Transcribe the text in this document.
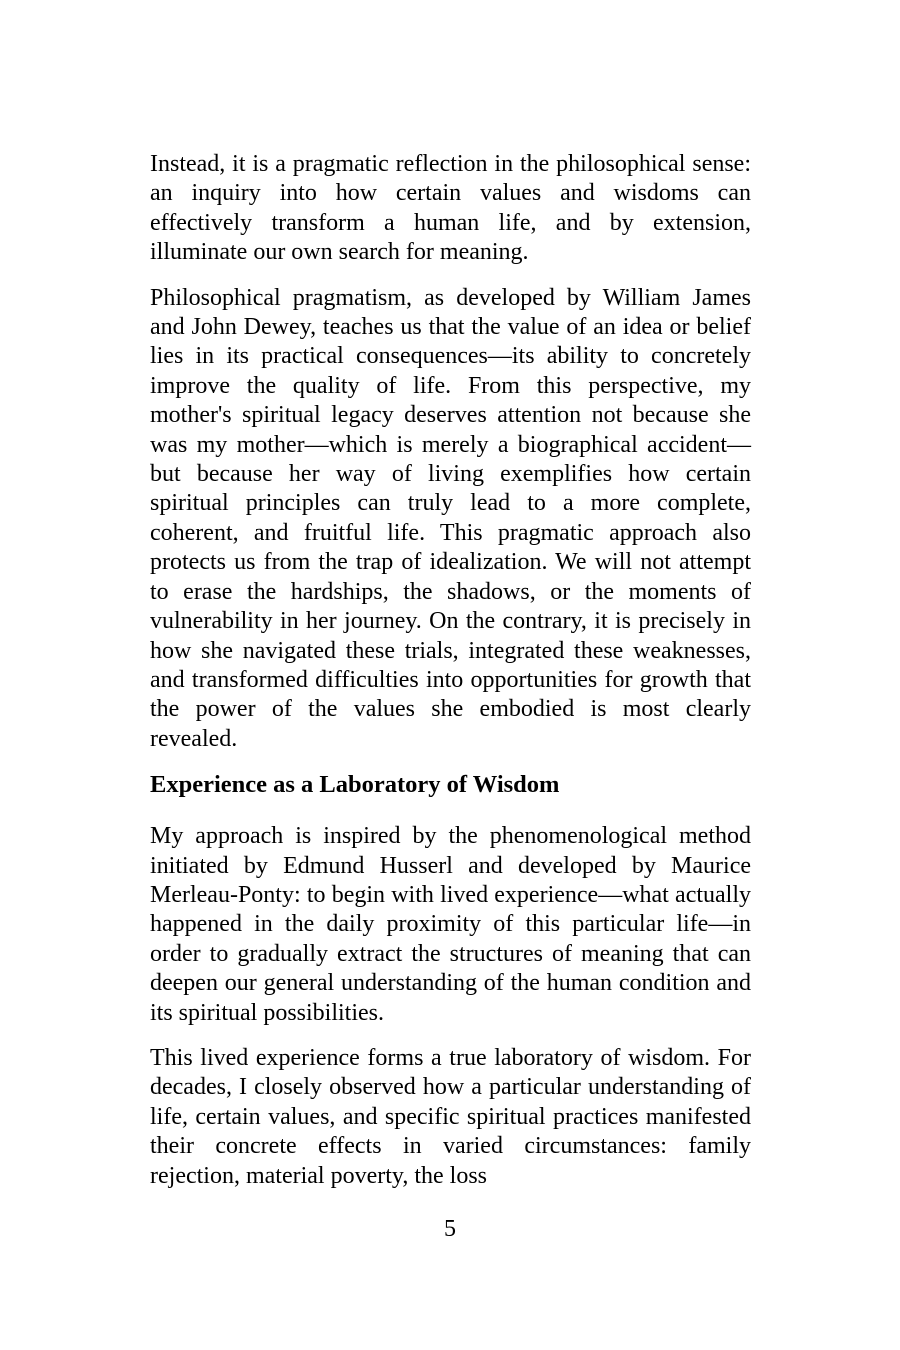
Instead, it is a pragmatic reflection in the philosophical sense: an inquiry into how certain values and wisdoms can effectively transform a human life, and by extension, illuminate our own search for meaning.

Philosophical pragmatism, as developed by William James and John Dewey, teaches us that the value of an idea or belief lies in its practical consequences—its ability to concretely improve the quality of life. From this perspective, my mother's spiritual legacy deserves attention not because she was my mother—which is merely a biographical accident—but because her way of living exemplifies how certain spiritual principles can truly lead to a more complete, coherent, and fruitful life. This pragmatic approach also protects us from the trap of idealization. We will not attempt to erase the hardships, the shadows, or the moments of vulnerability in her journey. On the contrary, it is precisely in how she navigated these trials, integrated these weaknesses, and transformed difficulties into opportunities for growth that the power of the values she embodied is most clearly revealed.

Experience as a Laboratory of Wisdom

My approach is inspired by the phenomenological method initiated by Edmund Husserl and developed by Maurice Merleau-Ponty: to begin with lived experience—what actually happened in the daily proximity of this particular life—in order to gradually extract the structures of meaning that can deepen our general understanding of the human condition and its spiritual possibilities.

This lived experience forms a true laboratory of wisdom. For decades, I closely observed how a particular understanding of life, certain values, and specific spiritual practices manifested their concrete effects in varied circumstances: family rejection, material poverty, the loss

5
